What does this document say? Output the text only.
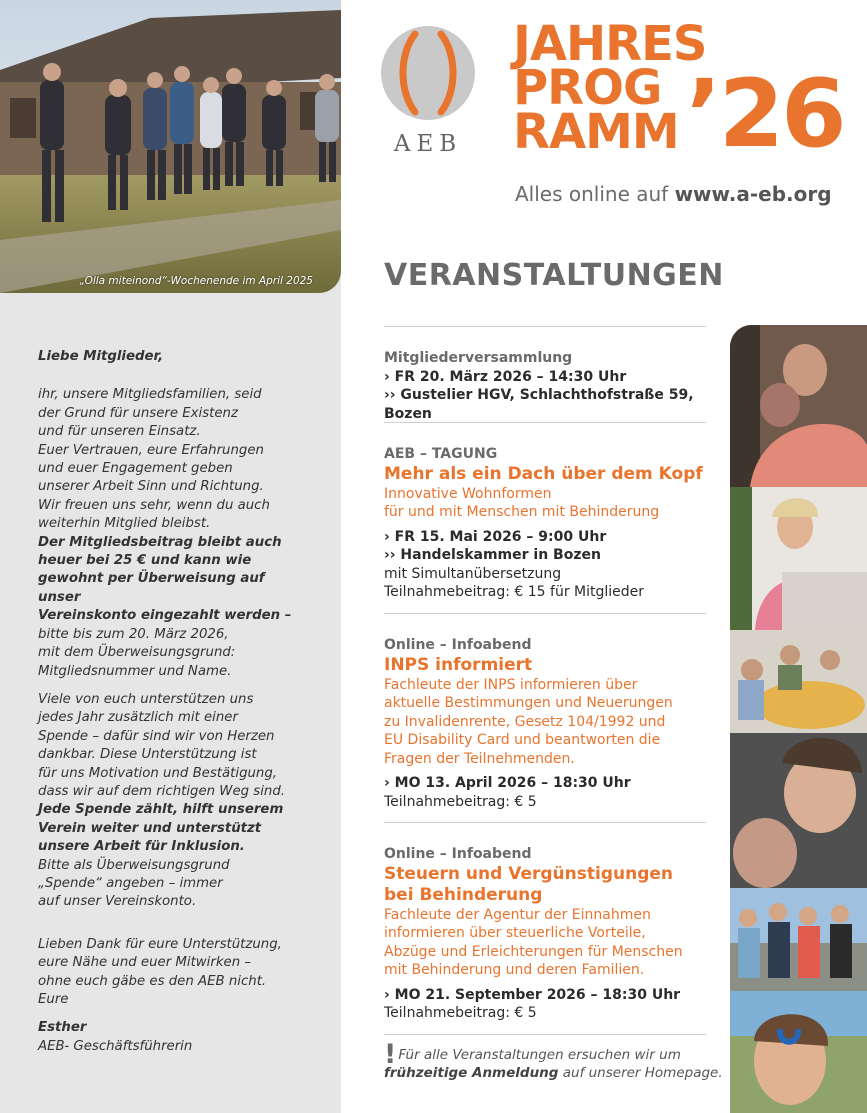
„Olla miteinond“-Wochenende im April 2025

Liebe Mitglieder,

ihr, unsere Mitgliedsfamilien, seid
der Grund für unsere Existenz
und für unseren Einsatz.
Euer Vertrauen, eure Erfahrungen
und euer Engagement geben
unserer Arbeit Sinn und Richtung.
Wir freuen uns sehr, wenn du auch
weiterhin Mitglied bleibst.
Der Mitgliedsbeitrag bleibt auch
heuer bei 25 € und kann wie
gewohnt per Überweisung auf unser
Vereinskonto eingezahlt werden –
bitte bis zum 20. März 2026,
mit dem Überweisungsgrund:
Mitgliedsnummer und Name.

Viele von euch unterstützen uns
jedes Jahr zusätzlich mit einer
Spende – dafür sind wir von Herzen
dankbar. Diese Unterstützung ist
für uns Motivation und Bestätigung,
dass wir auf dem richtigen Weg sind.
Jede Spende zählt, hilft unserem
Verein weiter und unterstützt
unsere Arbeit für Inklusion.
Bitte als Überweisungsgrund
„Spende“ angeben – immer
auf unser Vereinskonto.

Lieben Dank für eure Unterstützung,
eure Nähe und euer Mitwirken –
ohne euch gäbe es den AEB nicht.
Eure

Esther
AEB- Geschäftsführerin

AEB
JAHRES
PROG
RAMM ’26
Alles online auf www.a-eb.org
VERANSTALTUNGEN
Mitgliederversammlung
› FR 20. März 2026 – 14:30 Uhr
›› Gustelier HGV, Schlachthofstraße 59, Bozen
AEB – TAGUNG
Mehr als ein Dach über dem Kopf
Innovative Wohnformen
für und mit Menschen mit Behinderung
› FR 15. Mai 2026 – 9:00 Uhr
›› Handelskammer in Bozen
mit Simultanübersetzung
Teilnahmebeitrag: € 15 für Mitglieder
Online – Infoabend
INPS informiert
Fachleute der INPS informieren über
aktuelle Bestimmungen und Neuerungen
zu Invalidenrente, Gesetz 104/1992 und
EU Disability Card und beantworten die
Fragen der Teilnehmenden.
› MO 13. April 2026 – 18:30 Uhr
Teilnahmebeitrag: € 5
Online – Infoabend
Steuern und Vergünstigungen
bei Behinderung
Fachleute der Agentur der Einnahmen
informieren über steuerliche Vorteile,
Abzüge und Erleichterungen für Menschen
mit Behinderung und deren Familien.
› MO 21. September 2026 – 18:30 Uhr
Teilnahmebeitrag: € 5
! Für alle Veranstaltungen ersuchen wir um
frühzeitige Anmeldung auf unserer Homepage.
